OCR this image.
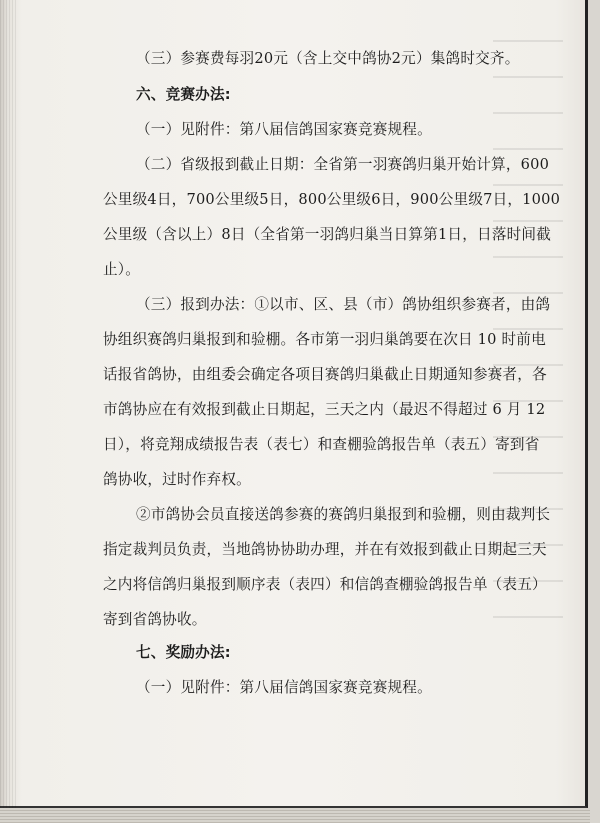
（三）参赛费每羽20元（含上交中鸽协2元）集鸽时交齐。
六、竞赛办法:
（一）见附件：第八届信鸽国家赛竞赛规程。
（二）省级报到截止日期：全省第一羽赛鸽归巢开始计算，600
公里级4日，700公里级5日，800公里级6日，900公里级7日，1000
公里级（含以上）8日（全省第一羽鸽归巢当日算第1日，日落时间截
止）。
（三）报到办法：①以市、区、县（市）鸽协组织参赛者，由鸽
协组织赛鸽归巢报到和验棚。各市第一羽归巢鸽要在次日 10 时前电
话报省鸽协，由组委会确定各项目赛鸽归巢截止日期通知参赛者，各
市鸽协应在有效报到截止日期起，三天之内（最迟不得超过 6 月 12
日），将竞翔成绩报告表（表七）和查棚验鸽报告单（表五）寄到省
鸽协收，过时作弃权。
②市鸽协会员直接送鸽参赛的赛鸽归巢报到和验棚，则由裁判长
指定裁判员负责，当地鸽协协助办理，并在有效报到截止日期起三天
之内将信鸽归巢报到顺序表（表四）和信鸽查棚验鸽报告单（表五）
寄到省鸽协收。
七、奖励办法:
（一）见附件：第八届信鸽国家赛竞赛规程。
